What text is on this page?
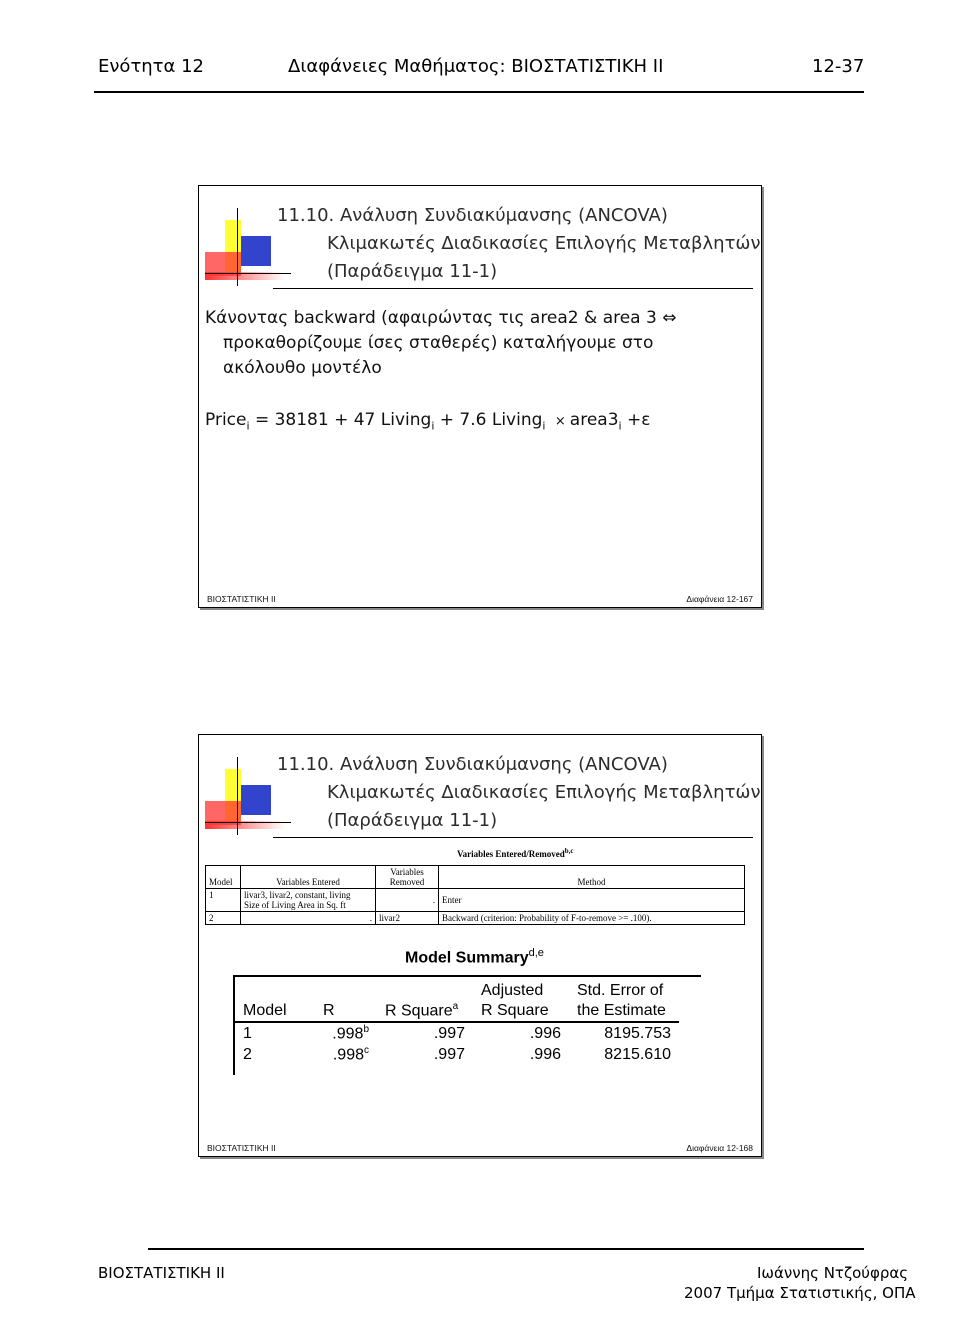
Ενότητα 12	Διαφάνειες Μαθήματος: ΒΙΟΣΤΑΤΙΣΤΙΚΗ ΙΙ	12-37
11.10. Ανάλυση Συνδιακύμανσης (ANCOVA)
Κλιμακωτές Διαδικασίες Επιλογής Μεταβλητών
(Παράδειγμα 11-1)
Κάνοντας backward (αφαιρώντας τις area2 & area 3 ⇔
προκαθορίζουμε ίσες σταθερές) καταλήγουμε στο
ακόλουθο μοντέλο
Price$_i$ = 38181 + 47 Living$_i$ + 7.6 Living$_i$ × $area3_i +\varepsilon$
ΒΙΟΣΤΑΤΙΣΤΙΚΗ ΙΙ	Διαφάνεια 12-167
11.10. Ανάλυση Συνδιακύμανσης (ANCOVA)
Κλιμακωτές Διαδικασίες Επιλογής Μεταβλητών
(Παράδειγμα 11-1)
Variables Entered/Removed$^{b,c}$
Model	Variables Entered	Variables
Removed	Method
1	livar3, livar2, constant, living
Size of Living Area in Sq. ft	.	Enter
2	.	livar2	Backward (criterion: Probability of F-to-remove >= .100).
Model Summary$^{d,e}$
Model	R	R Square$^a$	Adjusted
R Square	Std. Error of
the Estimate
1	.998$^b$	.997	.996	8195.753
2	.998$^c$	.997	.996	8215.610
ΒΙΟΣΤΑΤΙΣΤΙΚΗ ΙΙ	Διαφάνεια 12-168
ΒΙΟΣΤΑΤΙΣΤΙΚΗ ΙΙ	Ιωάννης Ντζούφρας
2007 Τμήμα Στατιστικής, ΟΠΑ
